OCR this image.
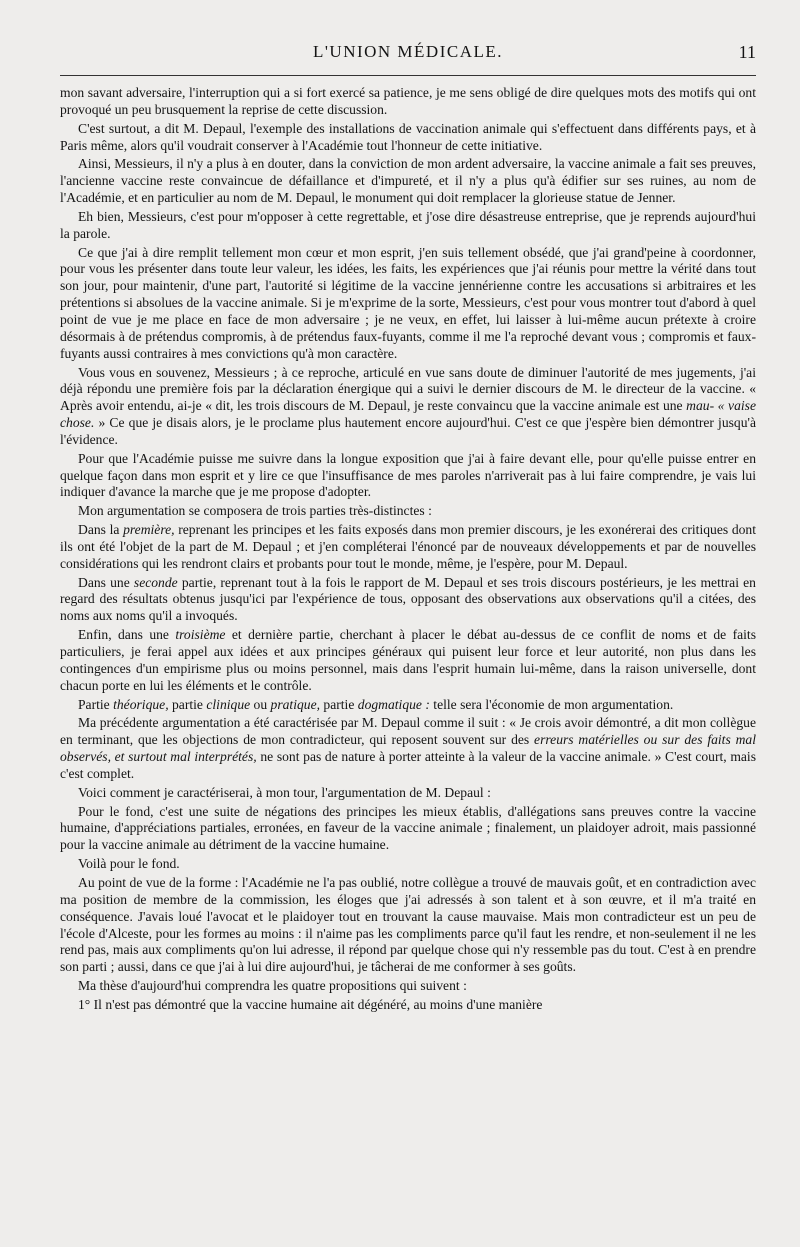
L'UNION MÉDICALE.	11

mon savant adversaire, l'interruption qui a si fort exercé sa patience, je me sens obligé de dire quelques mots des motifs qui ont provoqué un peu brusquement la reprise de cette discussion.

C'est surtout, a dit M. Depaul, l'exemple des installations de vaccination animale qui s'effectuent dans différents pays, et à Paris même, alors qu'il voudrait conserver à l'Académie tout l'honneur de cette initiative.

Ainsi, Messieurs, il n'y a plus à en douter, dans la conviction de mon ardent adversaire, la vaccine animale a fait ses preuves, l'ancienne vaccine reste convaincue de défaillance et d'impureté, et il n'y a plus qu'à édifier sur ses ruines, au nom de l'Académie, et en particulier au nom de M. Depaul, le monument qui doit remplacer la glorieuse statue de Jenner.

Eh bien, Messieurs, c'est pour m'opposer à cette regrettable, et j'ose dire désastreuse entreprise, que je reprends aujourd'hui la parole.

Ce que j'ai à dire remplit tellement mon cœur et mon esprit, j'en suis tellement obsédé, que j'ai grand'peine à coordonner, pour vous les présenter dans toute leur valeur, les idées, les faits, les expériences que j'ai réunis pour mettre la vérité dans tout son jour, pour maintenir, d'une part, l'autorité si légitime de la vaccine jennérienne contre les accusations si arbitraires et les prétentions si absolues de la vaccine animale. Si je m'exprime de la sorte, Messieurs, c'est pour vous montrer tout d'abord à quel point de vue je me place en face de mon adversaire ; je ne veux, en effet, lui laisser à lui-même aucun prétexte à croire désormais à de prétendus compromis, à de prétendus faux-fuyants, comme il me l'a reproché devant vous ; compromis et faux-fuyants aussi contraires à mes convictions qu'à mon caractère.

Vous vous en souvenez, Messieurs ; à ce reproche, articulé en vue sans doute de diminuer l'autorité de mes jugements, j'ai déjà répondu une première fois par la déclaration énergique qui a suivi le dernier discours de M. le directeur de la vaccine. « Après avoir entendu, ai-je « dit, les trois discours de M. Depaul, je reste convaincu que la vaccine animale est une mau- « vaise chose. » Ce que je disais alors, je le proclame plus hautement encore aujourd'hui. C'est ce que j'espère bien démontrer jusqu'à l'évidence.

Pour que l'Académie puisse me suivre dans la longue exposition que j'ai à faire devant elle, pour qu'elle puisse entrer en quelque façon dans mon esprit et y lire ce que l'insuffisance de mes paroles n'arriverait pas à lui faire comprendre, je vais lui indiquer d'avance la marche que je me propose d'adopter.

Mon argumentation se composera de trois parties très-distinctes :

Dans la première, reprenant les principes et les faits exposés dans mon premier discours, je les exonérerai des critiques dont ils ont été l'objet de la part de M. Depaul ; et j'en compléterai l'énoncé par de nouveaux développements et par de nouvelles considérations qui les rendront clairs et probants pour tout le monde, même, je l'espère, pour M. Depaul.

Dans une seconde partie, reprenant tout à la fois le rapport de M. Depaul et ses trois discours postérieurs, je les mettrai en regard des résultats obtenus jusqu'ici par l'expérience de tous, opposant des observations aux observations qu'il a citées, des noms aux noms qu'il a invoqués.

Enfin, dans une troisième et dernière partie, cherchant à placer le débat au-dessus de ce conflit de noms et de faits particuliers, je ferai appel aux idées et aux principes généraux qui puisent leur force et leur autorité, non plus dans les contingences d'un empirisme plus ou moins personnel, mais dans l'esprit humain lui-même, dans la raison universelle, dont chacun porte en lui les éléments et le contrôle.

Partie théorique, partie clinique ou pratique, partie dogmatique : telle sera l'économie de mon argumentation.

Ma précédente argumentation a été caractérisée par M. Depaul comme il suit : « Je crois avoir démontré, a dit mon collègue en terminant, que les objections de mon contradicteur, qui reposent souvent sur des erreurs matérielles ou sur des faits mal observés, et surtout mal interprétés, ne sont pas de nature à porter atteinte à la valeur de la vaccine animale. » C'est court, mais c'est complet.

Voici comment je caractériserai, à mon tour, l'argumentation de M. Depaul :

Pour le fond, c'est une suite de négations des principes les mieux établis, d'allégations sans preuves contre la vaccine humaine, d'appréciations partiales, erronées, en faveur de la vaccine animale ; finalement, un plaidoyer adroit, mais passionné pour la vaccine animale au détriment de la vaccine humaine.

Voilà pour le fond.

Au point de vue de la forme : l'Académie ne l'a pas oublié, notre collègue a trouvé de mauvais goût, et en contradiction avec ma position de membre de la commission, les éloges que j'ai adressés à son talent et à son œuvre, et il m'a traité en conséquence. J'avais loué l'avocat et le plaidoyer tout en trouvant la cause mauvaise. Mais mon contradicteur est un peu de l'école d'Alceste, pour les formes au moins : il n'aime pas les compliments parce qu'il faut les rendre, et non-seulement il ne les rend pas, mais aux compliments qu'on lui adresse, il répond par quelque chose qui n'y ressemble pas du tout. C'est à en prendre son parti ; aussi, dans ce que j'ai à lui dire aujourd'hui, je tâcherai de me conformer à ses goûts.

Ma thèse d'aujourd'hui comprendra les quatre propositions qui suivent :

1° Il n'est pas démontré que la vaccine humaine ait dégénéré, au moins d'une manière
